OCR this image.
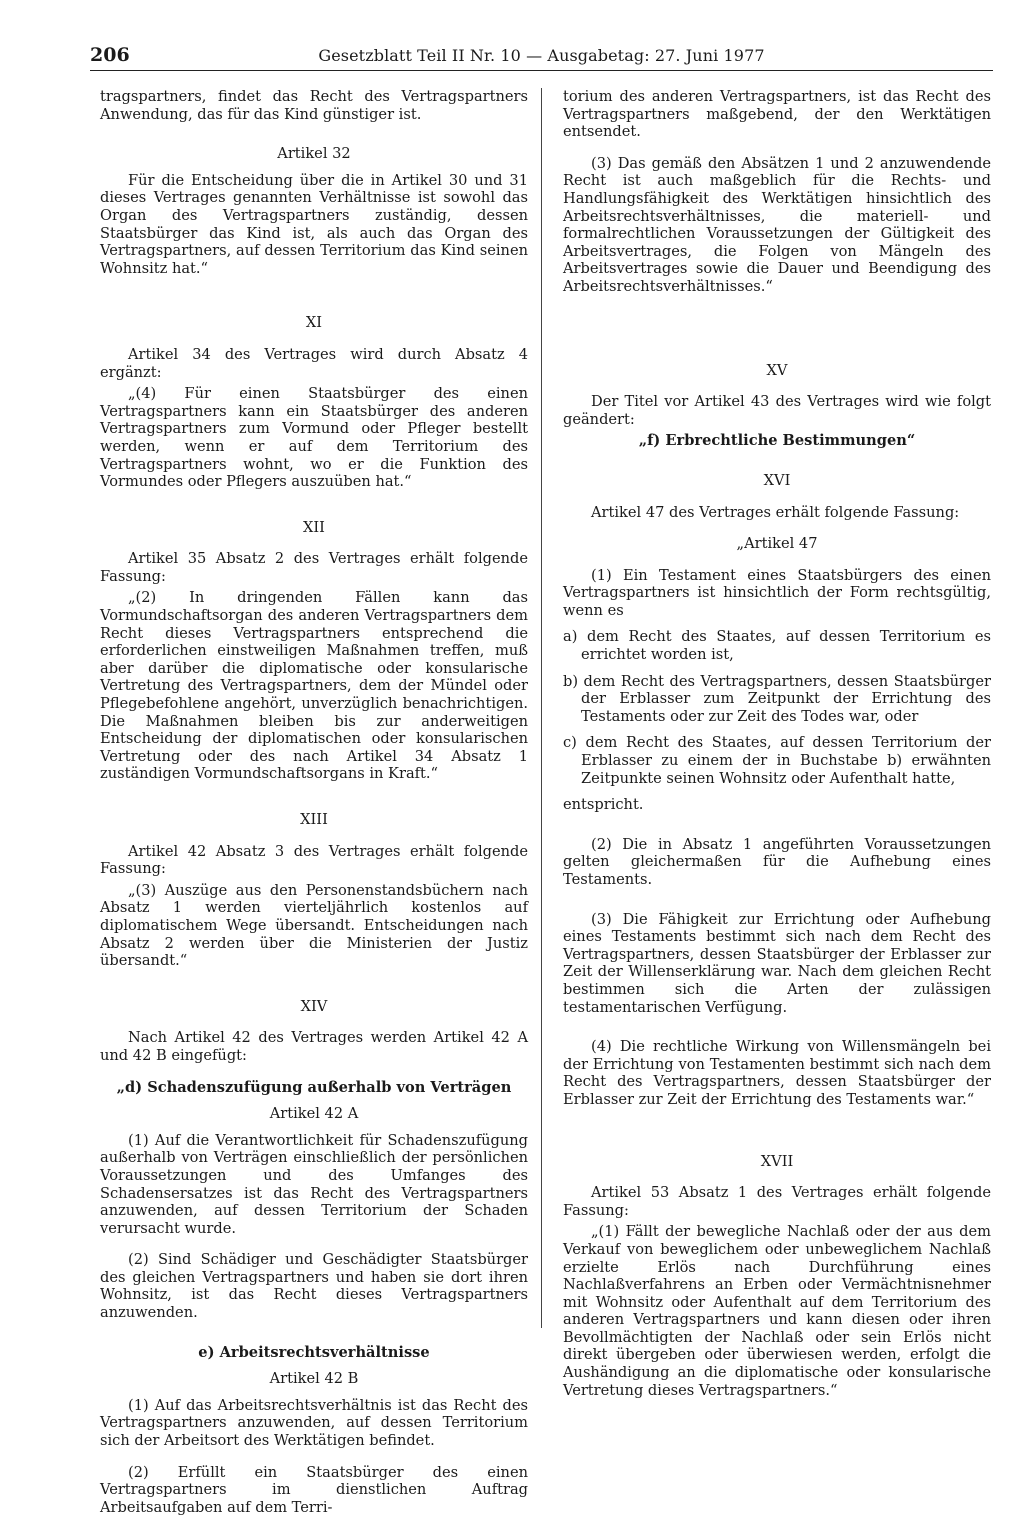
206	Gesetzblatt Teil II Nr. 10 — Ausgabetag: 27. Juni 1977

tragspartners, findet das Recht des Vertragspartners Anwendung, das für das Kind günstiger ist.

Artikel 32

Für die Entscheidung über die in Artikel 30 und 31 dieses Vertrages genannten Verhältnisse ist sowohl das Organ des Vertragspartners zuständig, dessen Staatsbürger das Kind ist, als auch das Organ des Vertragspartners, auf dessen Territorium das Kind seinen Wohnsitz hat.“

XI

Artikel 34 des Vertrages wird durch Absatz 4 ergänzt:

„(4) Für einen Staatsbürger des einen Vertragspartners kann ein Staatsbürger des anderen Vertragspartners zum Vormund oder Pfleger bestellt werden, wenn er auf dem Territorium des Vertragspartners wohnt, wo er die Funktion des Vormundes oder Pflegers auszuüben hat.“

XII

Artikel 35 Absatz 2 des Vertrages erhält folgende Fassung:

„(2) In dringenden Fällen kann das Vormundschaftsorgan des anderen Vertragspartners dem Recht dieses Vertragspartners entsprechend die erforderlichen einstweiligen Maßnahmen treffen, muß aber darüber die diplomatische oder konsularische Vertretung des Vertragspartners, dem der Mündel oder Pflegebefohlene angehört, unverzüglich benachrichtigen. Die Maßnahmen bleiben bis zur anderweitigen Entscheidung der diplomatischen oder konsularischen Vertretung oder des nach Artikel 34 Absatz 1 zuständigen Vormundschaftsorgans in Kraft.“

XIII

Artikel 42 Absatz 3 des Vertrages erhält folgende Fassung:

„(3) Auszüge aus den Personenstandsbüchern nach Absatz 1 werden vierteljährlich kostenlos auf diplomatischem Wege übersandt. Entscheidungen nach Absatz 2 werden über die Ministerien der Justiz übersandt.“

XIV

Nach Artikel 42 des Vertrages werden Artikel 42 A und 42 B eingefügt:

„d) Schadenszufügung außerhalb von Verträgen

Artikel 42 A

(1) Auf die Verantwortlichkeit für Schadenszufügung außerhalb von Verträgen einschließlich der persönlichen Voraussetzungen und des Umfanges des Schadensersatzes ist das Recht des Vertragspartners anzuwenden, auf dessen Territorium der Schaden verursacht wurde.

(2) Sind Schädiger und Geschädigter Staatsbürger des gleichen Vertragspartners und haben sie dort ihren Wohnsitz, ist das Recht dieses Vertragspartners anzuwenden.

e) Arbeitsrechtsverhältnisse

Artikel 42 B

(1) Auf das Arbeitsrechtsverhältnis ist das Recht des Vertragspartners anzuwenden, auf dessen Territorium sich der Arbeitsort des Werktätigen befindet.

(2) Erfüllt ein Staatsbürger des einen Vertragspartners im dienstlichen Auftrag Arbeitsaufgaben auf dem Terri-

torium des anderen Vertragspartners, ist das Recht des Vertragspartners maßgebend, der den Werktätigen entsendet.

(3) Das gemäß den Absätzen 1 und 2 anzuwendende Recht ist auch maßgeblich für die Rechts- und Handlungsfähigkeit des Werktätigen hinsichtlich des Arbeitsrechtsverhältnisses, die materiell- und formalrechtlichen Voraussetzungen der Gültigkeit des Arbeitsvertrages, die Folgen von Mängeln des Arbeitsvertrages sowie die Dauer und Beendigung des Arbeitsrechtsverhältnisses.“

XV

Der Titel vor Artikel 43 des Vertrages wird wie folgt geändert:

„f) Erbrechtliche Bestimmungen“

XVI

Artikel 47 des Vertrages erhält folgende Fassung:

„Artikel 47

(1) Ein Testament eines Staatsbürgers des einen Vertragspartners ist hinsichtlich der Form rechtsgültig, wenn es

a) dem Recht des Staates, auf dessen Territorium es errichtet worden ist,

b) dem Recht des Vertragspartners, dessen Staatsbürger der Erblasser zum Zeitpunkt der Errichtung des Testaments oder zur Zeit des Todes war, oder

c) dem Recht des Staates, auf dessen Territorium der Erblasser zu einem der in Buchstabe b) erwähnten Zeitpunkte seinen Wohnsitz oder Aufenthalt hatte,

entspricht.

(2) Die in Absatz 1 angeführten Voraussetzungen gelten gleichermaßen für die Aufhebung eines Testaments.

(3) Die Fähigkeit zur Errichtung oder Aufhebung eines Testaments bestimmt sich nach dem Recht des Vertragspartners, dessen Staatsbürger der Erblasser zur Zeit der Willenserklärung war. Nach dem gleichen Recht bestimmen sich die Arten der zulässigen testamentarischen Verfügung.

(4) Die rechtliche Wirkung von Willensmängeln bei der Errichtung von Testamenten bestimmt sich nach dem Recht des Vertragspartners, dessen Staatsbürger der Erblasser zur Zeit der Errichtung des Testaments war.“

XVII

Artikel 53 Absatz 1 des Vertrages erhält folgende Fassung:

„(1) Fällt der bewegliche Nachlaß oder der aus dem Verkauf von beweglichem oder unbeweglichem Nachlaß erzielte Erlös nach Durchführung eines Nachlaßverfahrens an Erben oder Vermächtnisnehmer mit Wohnsitz oder Aufenthalt auf dem Territorium des anderen Vertragspartners und kann diesen oder ihren Bevollmächtigten der Nachlaß oder sein Erlös nicht direkt übergeben oder überwiesen werden, erfolgt die Aushändigung an die diplomatische oder konsularische Vertretung dieses Vertragspartners.“
